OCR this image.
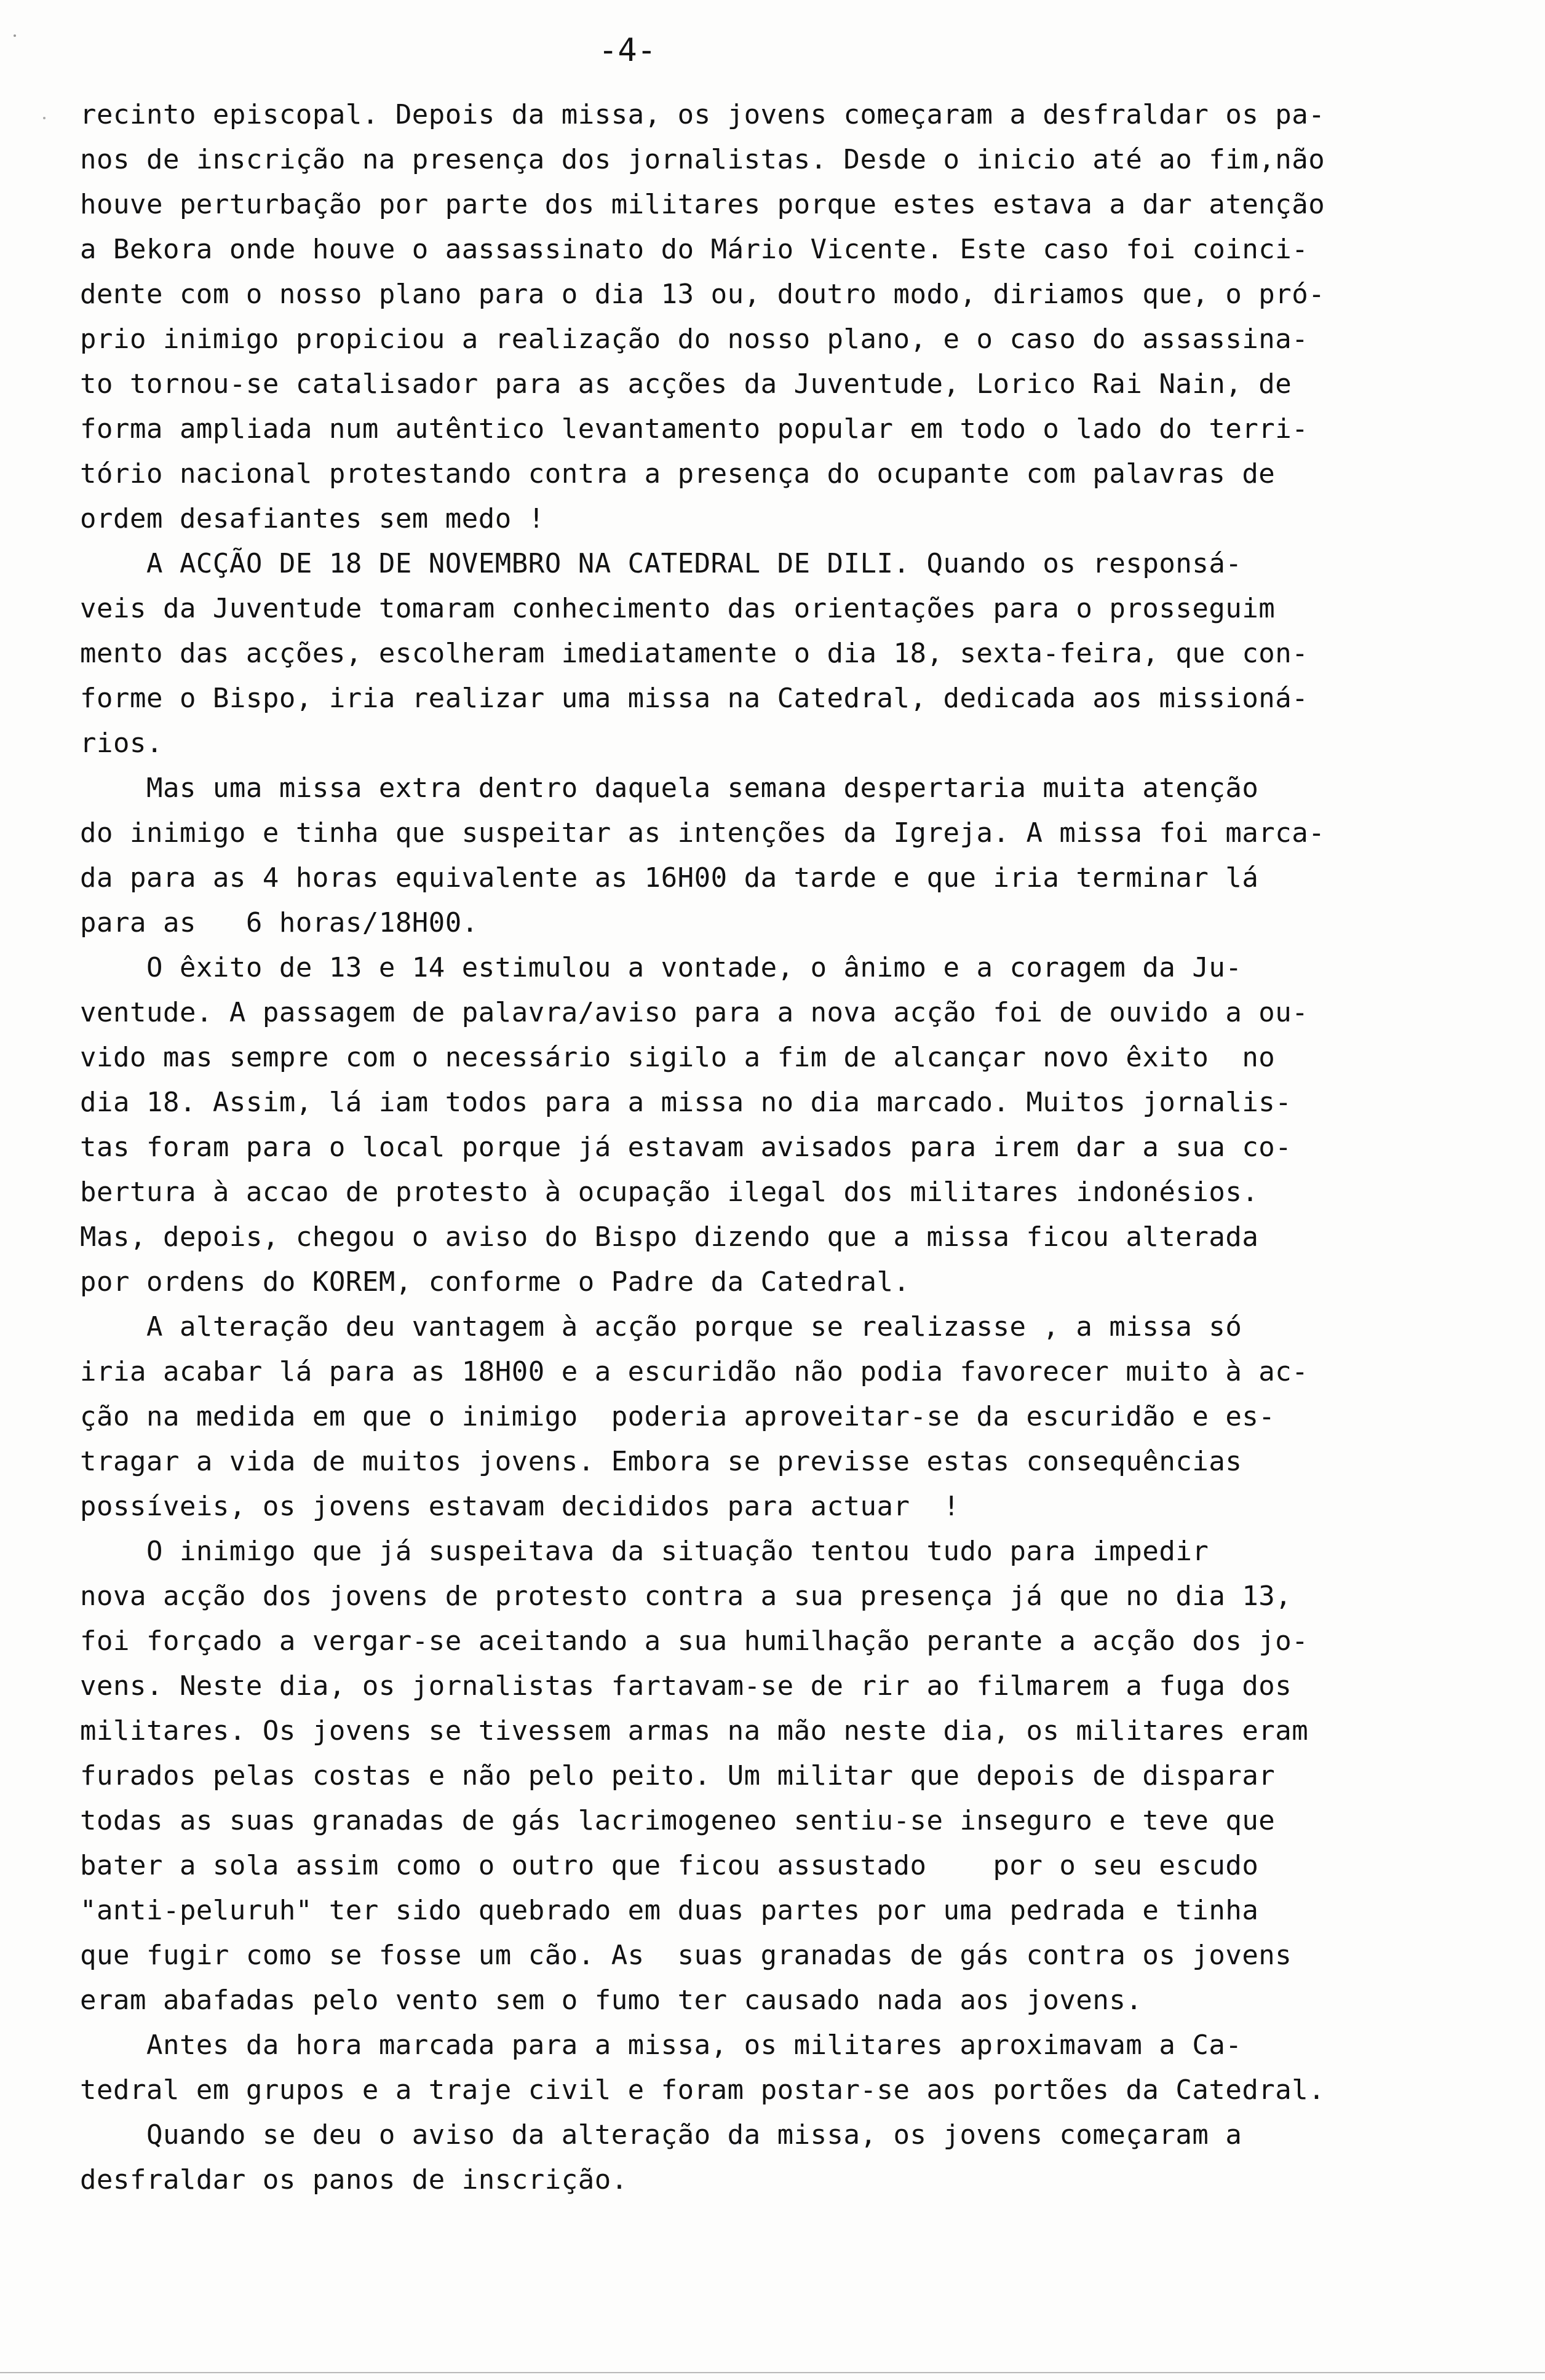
-4-
recinto episcopal. Depois da missa, os jovens começaram a desfraldar os pa-
nos de inscrição na presença dos jornalistas. Desde o inicio até ao fim,não
houve perturbação por parte dos militares porque estes estava a dar atenção
a Bekora onde houve o aassassinato do Mário Vicente. Este caso foi coinci-
dente com o nosso plano para o dia 13 ou, doutro modo, diriamos que, o pró-
prio inimigo propiciou a realização do nosso plano, e o caso do assassina-
to tornou-se catalisador para as acções da Juventude, Lorico Rai Nain, de
forma ampliada num autêntico levantamento popular em todo o lado do terri-
tório nacional protestando contra a presença do ocupante com palavras de
ordem desafiantes sem medo !
A ACÇÃO DE 18 DE NOVEMBRO NA CATEDRAL DE DILI. Quando os responsá-
veis da Juventude tomaram conhecimento das orientações para o prosseguim
mento das acções, escolheram imediatamente o dia 18, sexta-feira, que con-
forme o Bispo, iria realizar uma missa na Catedral, dedicada aos missioná-
rios.
Mas uma missa extra dentro daquela semana despertaria muita atenção
do inimigo e tinha que suspeitar as intenções da Igreja. A missa foi marca-
da para as 4 horas equivalente as 16H00 da tarde e que iria terminar lá
para as   6 horas/18H00.
O êxito de 13 e 14 estimulou a vontade, o ânimo e a coragem da Ju-
ventude. A passagem de palavra/aviso para a nova acção foi de ouvido a ou-
vido mas sempre com o necessário sigilo a fim de alcançar novo êxito  no
dia 18. Assim, lá iam todos para a missa no dia marcado. Muitos jornalis-
tas foram para o local porque já estavam avisados para irem dar a sua co-
bertura à accao de protesto à ocupação ilegal dos militares indonésios.
Mas, depois, chegou o aviso do Bispo dizendo que a missa ficou alterada
por ordens do KOREM, conforme o Padre da Catedral.
A alteração deu vantagem à acção porque se realizasse , a missa só
iria acabar lá para as 18H00 e a escuridão não podia favorecer muito à ac-
ção na medida em que o inimigo  poderia aproveitar-se da escuridão e es-
tragar a vida de muitos jovens. Embora se previsse estas consequências
possíveis, os jovens estavam decididos para actuar  !
O inimigo que já suspeitava da situação tentou tudo para impedir
nova acção dos jovens de protesto contra a sua presença já que no dia 13,
foi forçado a vergar-se aceitando a sua humilhação perante a acção dos jo-
vens. Neste dia, os jornalistas fartavam-se de rir ao filmarem a fuga dos
militares. Os jovens se tivessem armas na mão neste dia, os militares eram
furados pelas costas e não pelo peito. Um militar que depois de disparar
todas as suas granadas de gás lacrimogeneo sentiu-se inseguro e teve que
bater a sola assim como o outro que ficou assustado    por o seu escudo
"anti-peluruh" ter sido quebrado em duas partes por uma pedrada e tinha
que fugir como se fosse um cão. As  suas granadas de gás contra os jovens
eram abafadas pelo vento sem o fumo ter causado nada aos jovens.
Antes da hora marcada para a missa, os militares aproximavam a Ca-
tedral em grupos e a traje civil e foram postar-se aos portões da Catedral.
Quando se deu o aviso da alteração da missa, os jovens começaram a
desfraldar os panos de inscrição.
